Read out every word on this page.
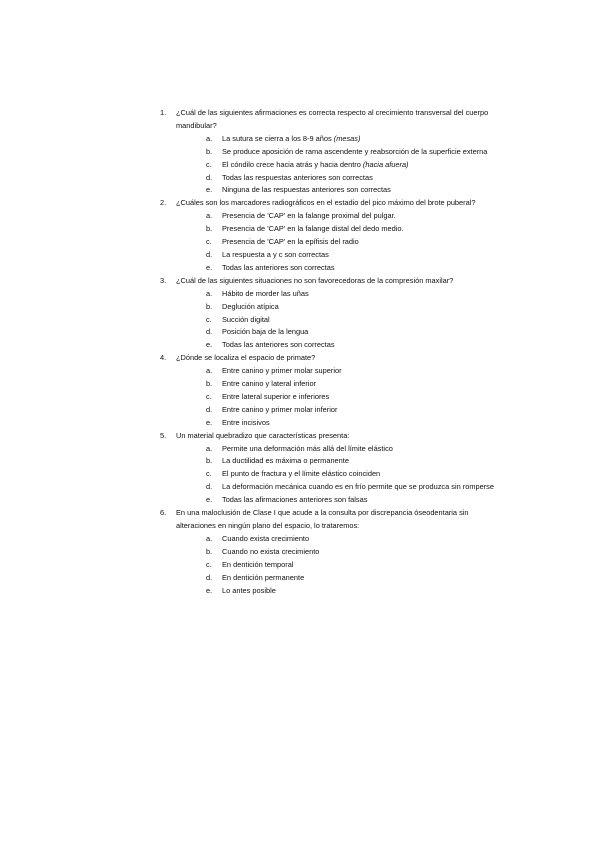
1.	¿Cuál de las siguientes afirmaciones es correcta respecto al crecimiento transversal del cuerpo mandibular?
a.	La sutura se cierra a los 8-9 años (mesas)
b.	Se produce aposición de rama ascendente y reabsorción de la superficie externa
c.	El cóndilo crece hacia atrás y hacia dentro (hacia afuera)
d.	Todas las respuestas anteriores son correctas
e.	Ninguna de las respuestas anteriores son correctas
2.	¿Cuáles son los marcadores radiográficos en el estadio del pico máximo del brote puberal?
a.	Presencia de 'CAP' en la falange proximal del pulgar.
b.	Presencia de 'CAP' en la falange distal del dedo medio.
c.	Presencia de 'CAP' en la epífisis del radio
d.	La respuesta a y c son correctas
e.	Todas las anteriores son correctas
3.	¿Cuál de las siguientes situaciones no son favorecedoras de la compresión maxilar?
a.	Hábito de morder las uñas
b.	Deglución atípica
c.	Succión digital
d.	Posición baja de la lengua
e.	Todas las anteriores son correctas
4.	¿Dónde se localiza el espacio de primate?
a.	Entre canino y primer molar superior
b.	Entre canino y lateral inferior
c.	Entre lateral superior e inferiores
d.	Entre canino y primer molar inferior
e.	Entre incisivos
5.	Un material quebradizo que características presenta:
a.	Permite una deformación más allá del límite elástico
b.	La ductilidad es máxima o permanente
c.	El punto de fractura y el límite elástico coinciden
d.	La deformación mecánica cuando es en frío permite que se produzca sin romperse
e.	Todas las afirmaciones anteriores son falsas
6.	En una maloclusión de Clase I que acude a la consulta por discrepancia óseodentaria sin alteraciones en ningún plano del espacio, lo trataremos:
a.	Cuando exista crecimiento
b.	Cuando no exista crecimiento
c.	En dentición temporal
d.	En dentición permanente
e.	Lo antes posible
